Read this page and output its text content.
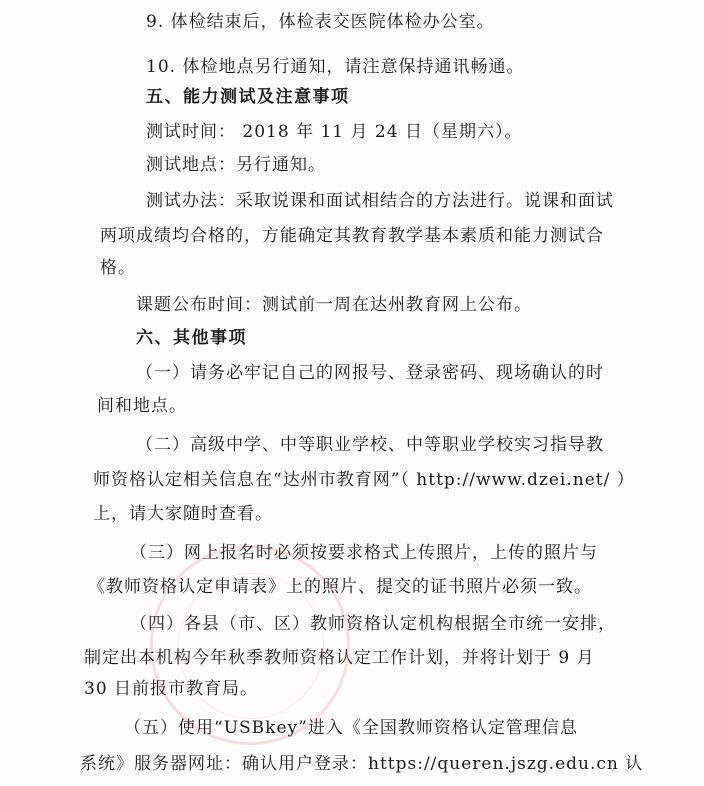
9. 体检结束后，体检表交医院体检办公室。
10. 体检地点另行通知，请注意保持通讯畅通。
五、能力测试及注意事项
测试时间： 2018 年 11 月 24 日（星期六）。
测试地点：另行通知。
测试办法：采取说课和面试相结合的方法进行。说课和面试
两项成绩均合格的，方能确定其教育教学基本素质和能力测试合
格。
课题公布时间：测试前一周在达州教育网上公布。
六、其他事项
（一）请务必牢记自己的网报号、登录密码、现场确认的时
间和地点。
（二）高级中学、中等职业学校、中等职业学校实习指导教
师资格认定相关信息在“达州市教育网”（ http://www.dzei.net/ ）
上，请大家随时查看。
（三）网上报名时必须按要求格式上传照片，上传的照片与
《教师资格认定申请表》上的照片、提交的证书照片必须一致。
（四）各县（市、区）教师资格认定机构根据全市统一安排，
制定出本机构今年秋季教师资格认定工作计划，并将计划于 9 月
30 日前报市教育局。
（五）使用“USBkey”进入《全国教师资格认定管理信息
系统》服务器网址：确认用户登录：https://queren.jszg.edu.cn 认
